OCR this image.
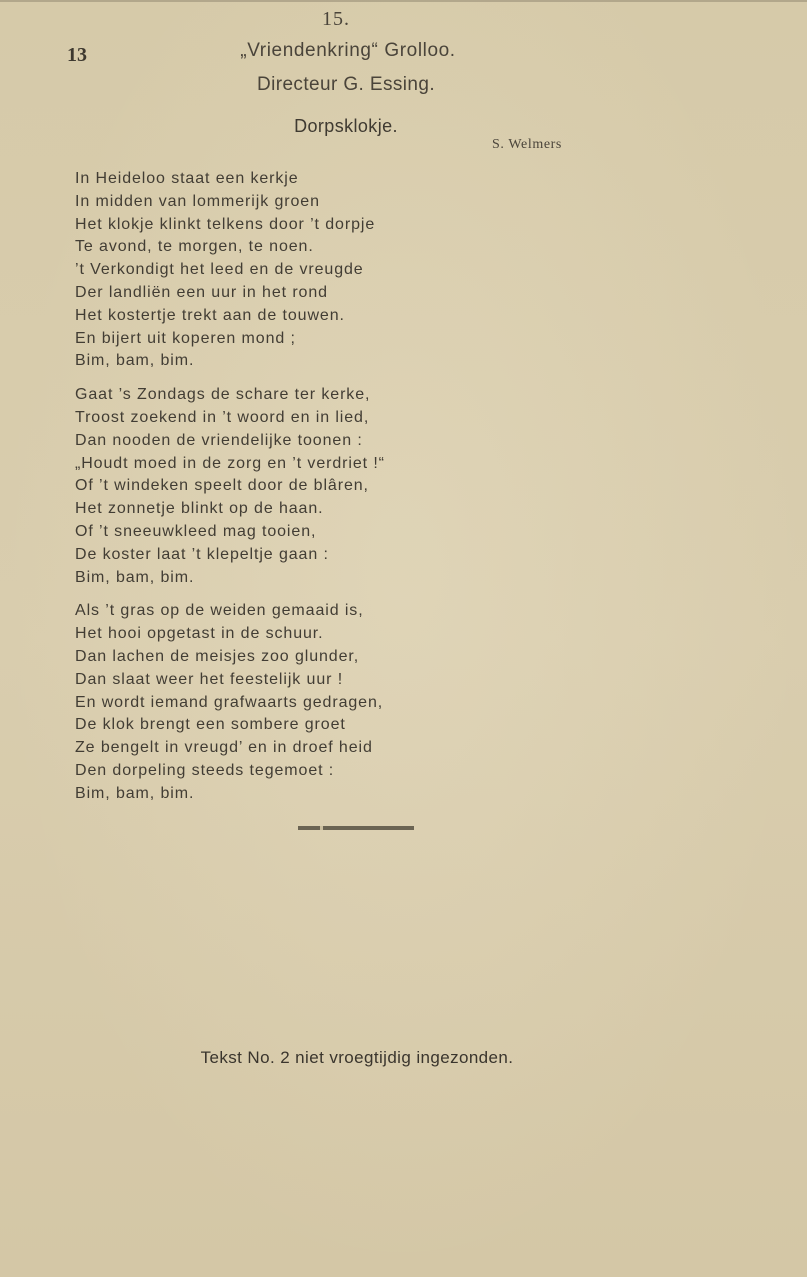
15.
13	„Vriendenkring“ Grolloo.
Directeur G. Essing.
Dorpsklokje.
S. Welmers
In Heideloo staat een kerkje
In midden van lommerijk groen
Het klokje klinkt telkens door ’t dorpje
Te avond, te morgen, te noen.
’t Verkondigt het leed en de vreugde
Der landliën een uur in het rond
Het kostertje trekt aan de touwen.
En bijert uit koperen mond ;
Bim, bam, bim.
Gaat ’s Zondags de schare ter kerke,
Troost zoekend in ’t woord en in lied,
Dan nooden de vriendelijke toonen :
„Houdt moed in de zorg en ’t verdriet !“
Of ’t windeken speelt door de blâren,
Het zonnetje blinkt op de haan.
Of ’t sneeuwkleed mag tooien,
De koster laat ’t klepeltje gaan :
Bim, bam, bim.
Als ’t gras op de weiden gemaaid is,
Het hooi opgetast in de schuur.
Dan lachen de meisjes zoo glunder,
Dan slaat weer het feestelijk uur !
En wordt iemand grafwaarts gedragen,
De klok brengt een sombere groet
Ze bengelt in vreugd’ en in droef heid
Den dorpeling steeds tegemoet :
Bim, bam, bim.
Tekst No. 2 niet vroegtijdig ingezonden.
